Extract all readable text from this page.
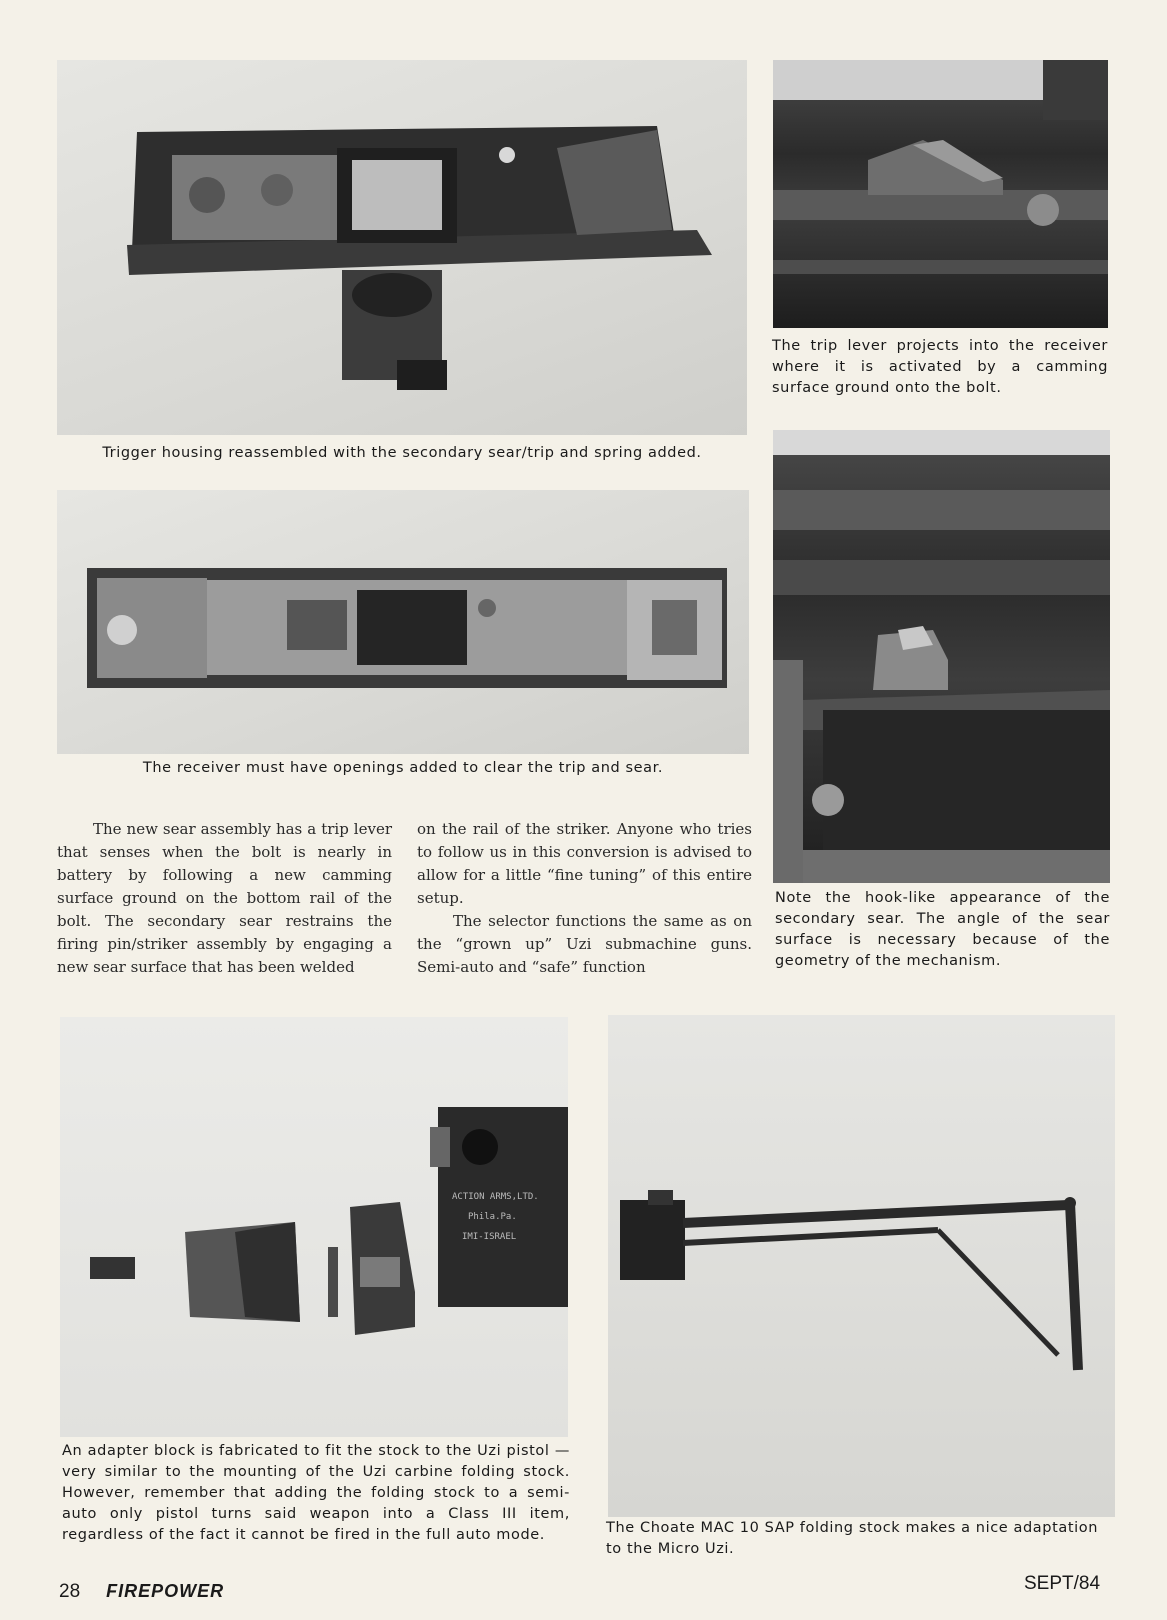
The trip lever projects into the receiver where it is activated by a camming surface ground onto the bolt.
Trigger housing reassembled with the secondary sear/trip and spring added.
The receiver must have openings added to clear the trip and sear.
Note the hook-like appearance of the secondary sear. The angle of the sear surface is necessary because of the geometry of the mechanism.

The new sear assembly has a trip lever that senses when the bolt is nearly in battery by following a new camming surface ground on the bottom rail of the bolt. The secondary sear restrains the firing pin/striker assembly by engaging a new sear surface that has been welded

on the rail of the striker. Anyone who tries to follow us in this conversion is advised to allow for a little “fine tuning” of this entire setup.

The selector functions the same as on the “grown up” Uzi submachine guns. Semi-auto and “safe” function

ACTION ARMS,LTD.
Phila.Pa.
IMI-ISRAEL
An adapter block is fabricated to fit the stock to the Uzi pistol — very similar to the mounting of the Uzi carbine folding stock. However, remember that adding the folding stock to a semi-auto only pistol turns said weapon into a Class III item, regardless of the fact it cannot be fired in the full auto mode.	The Choate MAC 10 SAP folding stock makes a nice adaptation to the Micro Uzi.
28 FIREPOWER	SEPT/84
